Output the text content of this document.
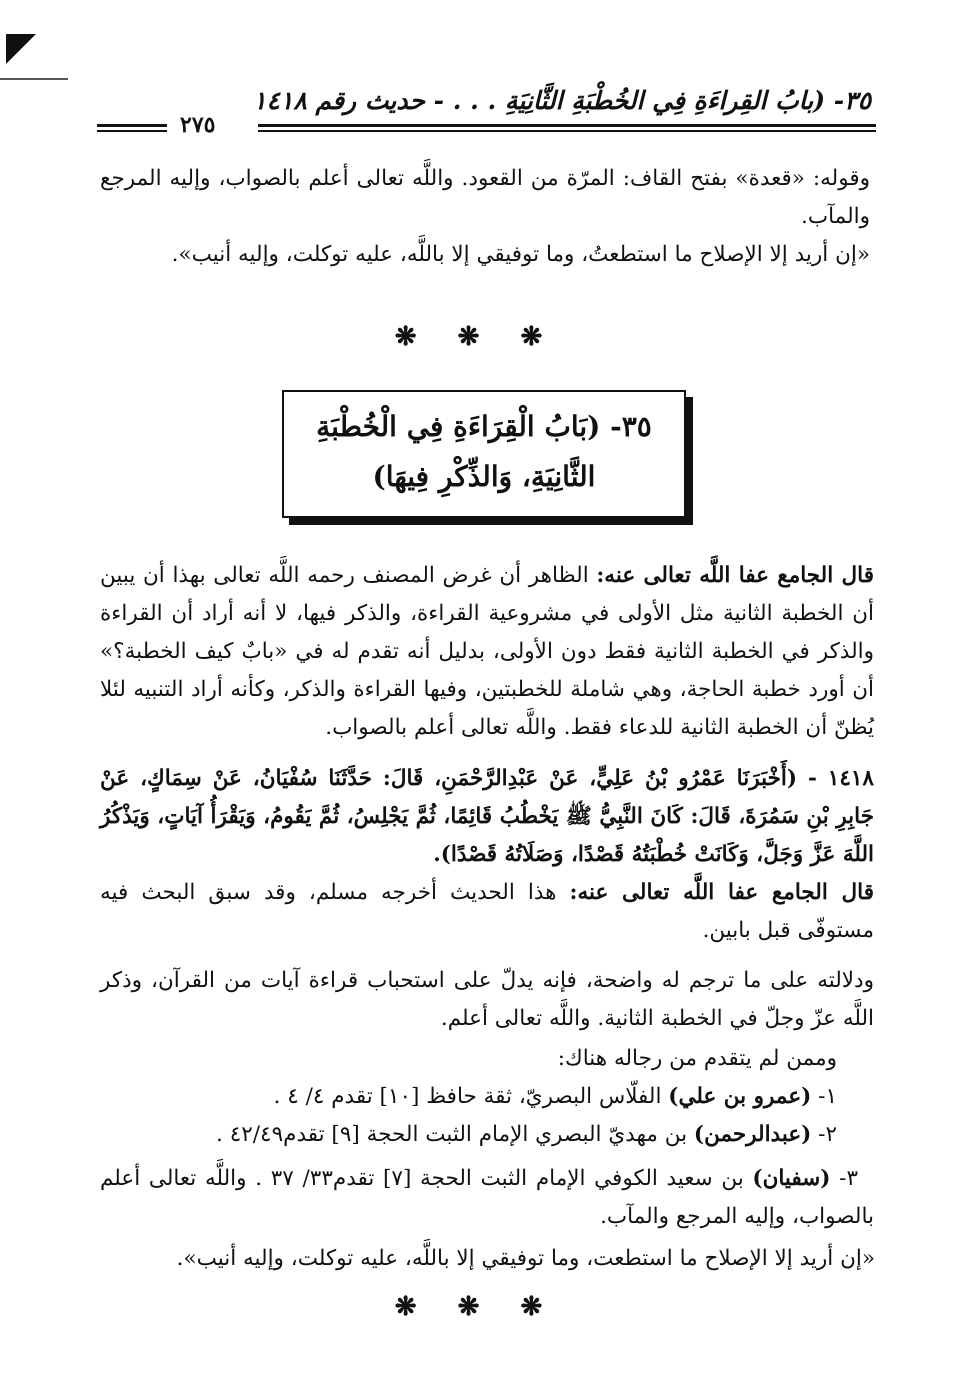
٣٥- (بابُ القِراءَةِ فِي الخُطْبَةِ الثَّانِيَةِ . . . - حديث رقم ١٤١٨
٢٧٥

وقوله: «قعدة» بفتح القاف: المرّة من القعود. واللَّه تعالى أعلم بالصواب، وإليه المرجع والمآب.

«إن أريد إلا الإصلاح ما استطعتُ، وما توفيقي إلا باللَّه، عليه توكلت، وإليه أنيب».

❋ ❋ ❋
٣٥- (بَابُ الْقِرَاءَةِ فِي الْخُطْبَةِ
الثَّانِيَةِ، وَالذِّكْرِ فِيهَا)

قال الجامع عفا اللَّه تعالى عنه: الظاهر أن غرض المصنف رحمه اللَّه تعالى بهذا أن يبين أن الخطبة الثانية مثل الأولى في مشروعية القراءة، والذكر فيها، لا أنه أراد أن القراءة والذكر في الخطبة الثانية فقط دون الأولى، بدليل أنه تقدم له في «بابٌ كيف الخطبة؟» أن أورد خطبة الحاجة، وهي شاملة للخطبتين، وفيها القراءة والذكر، وكأنه أراد التنبيه لئلا يُظنّ أن الخطبة الثانية للدعاء فقط. واللَّه تعالى أعلم بالصواب.

١٤١٨ - (أَخْبَرَنَا عَمْرُو بْنُ عَلِيٍّ، عَنْ عَبْدِالرَّحْمَنِ، قَالَ: حَدَّثَنَا سُفْيَانُ، عَنْ سِمَاكٍ، عَنْ جَابِرِ بْنِ سَمُرَةَ، قَالَ: كَانَ النَّبِيُّ ﷺ يَخْطُبُ قَائِمًا، ثُمَّ يَجْلِسُ، ثُمَّ يَقُومُ، وَيَقْرَأُ آيَاتٍ، وَيَذْكُرُ اللَّهَ عَزَّ وَجَلَّ، وَكَانَتْ خُطْبَتُهُ قَصْدًا، وَصَلَاتُهُ قَصْدًا).

قال الجامع عفا اللَّه تعالى عنه: هذا الحديث أخرجه مسلم، وقد سبق البحث فيه مستوفّى قبل بابين.

ودلالته على ما ترجم له واضحة، فإنه يدلّ على استحباب قراءة آيات من القرآن، وذكر اللَّه عزّ وجلّ في الخطبة الثانية. واللَّه تعالى أعلم.

وممن لم يتقدم من رجاله هناك:
١- (عمرو بن علي) الفلّاس البصريّ، ثقة حافظ [١٠] تقدم ٤/ ٤ .
٢- (عبدالرحمن) بن مهديّ البصري الإمام الثبت الحجة [٩] تقدم٤٢/٤٩ .

٣- (سفيان) بن سعيد الكوفي الإمام الثبت الحجة [٧] تقدم٣٣/ ٣٧ . واللَّه تعالى أعلم بالصواب، وإليه المرجع والمآب.

«إن أريد إلا الإصلاح ما استطعت، وما توفيقي إلا باللَّه، عليه توكلت، وإليه أنيب».
❋ ❋ ❋
